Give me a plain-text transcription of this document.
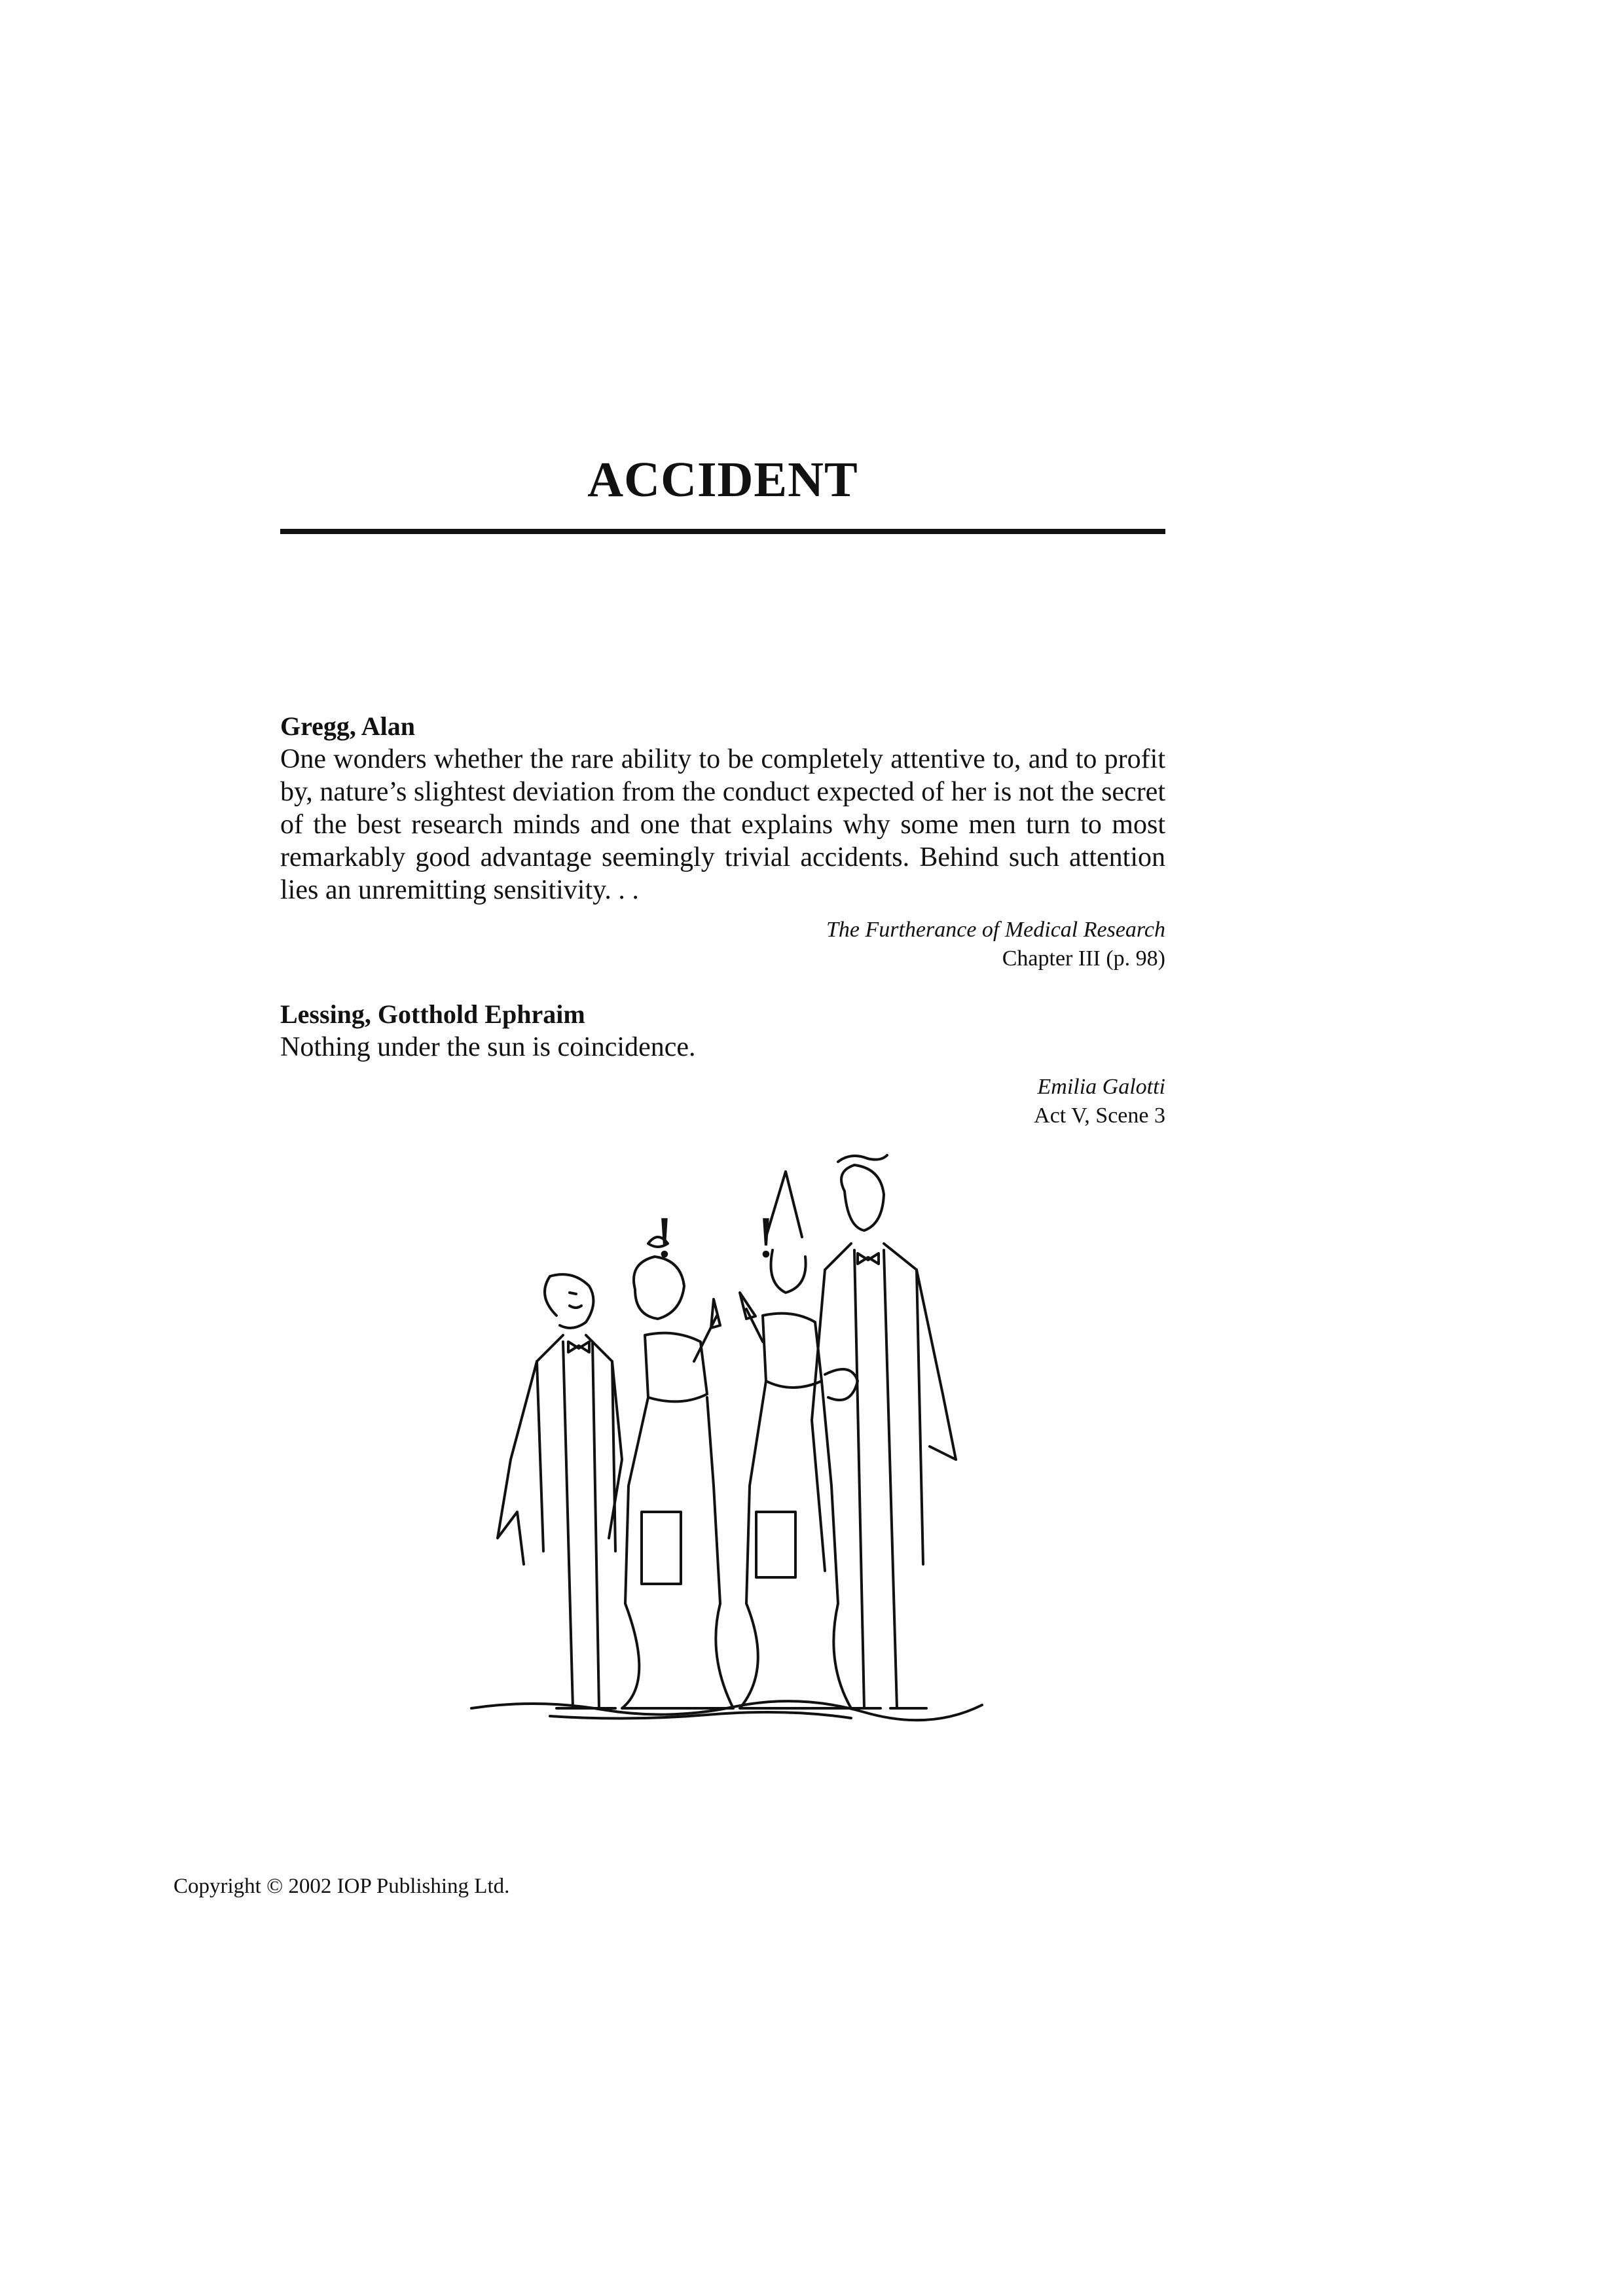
ACCIDENT

Gregg, Alan

One wonders whether the rare ability to be completely attentive to, and to profit by, nature’s slightest deviation from the conduct expected of her is not the secret of the best research minds and one that explains why some men turn to most remarkably good advantage seemingly trivial accidents. Behind such attention lies an unremitting sensitivity. . .

The Furtherance of Medical Research
Chapter III (p. 98)

Lessing, Gotthold Ephraim

Nothing under the sun is coincidence.

Emilia Galotti
Act V, Scene 3
! !
Copyright © 2002 IOP Publishing Ltd.
